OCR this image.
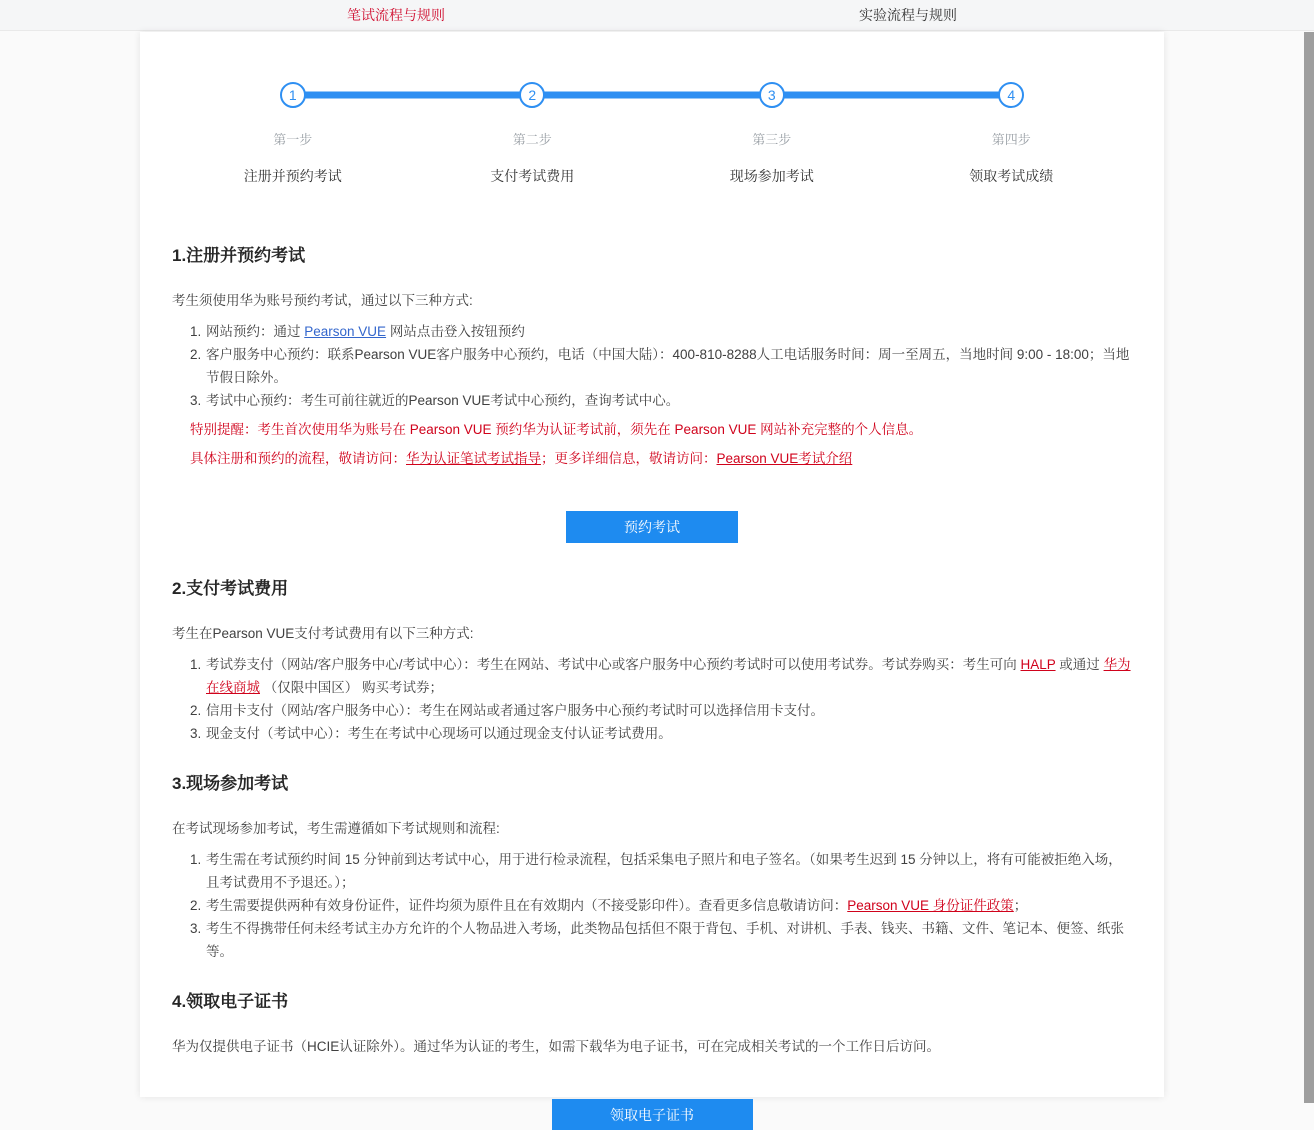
笔试流程与规则	实验流程与规则
1	2	3	4
第一步	第二步	第三步	第四步
注册并预约考试	支付考试费用	现场参加考试	领取考试成绩
1.注册并预约考试

考生须使用华为账号预约考试，通过以下三种方式:

1. 网站预约：通过 Pearson VUE 网站点击登入按钮预约
2. 客户服务中心预约：联系Pearson VUE客户服务中心预约，电话（中国大陆）：400-810-8288人工电话服务时间：周一至周五，当地时间 9:00 - 18:00；当地节假日除外。
3. 考试中心预约：考生可前往就近的Pearson VUE考试中心预约，查询考试中心。
特别提醒：考生首次使用华为账号在 Pearson VUE 预约华为认证考试前，须先在 Pearson VUE 网站补充完整的个人信息。
具体注册和预约的流程，敬请访问：华为认证笔试考试指导；更多详细信息，敬请访问：Pearson VUE考试介绍
预约考试
2.支付考试费用

考生在Pearson VUE支付考试费用有以下三种方式:

1. 考试券支付（网站/客户服务中心/考试中心）：考生在网站、考试中心或客户服务中心预约考试时可以使用考试券。考试券购买：考生可向 HALP 或通过 华为在线商城 （仅限中国区） 购买考试券；
2. 信用卡支付（网站/客户服务中心）：考生在网站或者通过客户服务中心预约考试时可以选择信用卡支付。
3. 现金支付（考试中心）：考生在考试中心现场可以通过现金支付认证考试费用。
3.现场参加考试

在考试现场参加考试，考生需遵循如下考试规则和流程:

1. 考生需在考试预约时间 15 分钟前到达考试中心，用于进行检录流程，包括采集电子照片和电子签名。（如果考生迟到 15 分钟以上，将有可能被拒绝入场，且考试费用不予退还。）；
2. 考生需要提供两种有效身份证件，证件均须为原件且在有效期内（不接受影印件）。查看更多信息敬请访问：Pearson VUE 身份证件政策；
3. 考生不得携带任何未经考试主办方允许的个人物品进入考场，此类物品包括但不限于背包、手机、对讲机、手表、钱夹、书籍、文件、笔记本、便签、纸张等。
4.领取电子证书

华为仅提供电子证书（HCIE认证除外）。通过华为认证的考生，如需下载华为电子证书，可在完成相关考试的一个工作日后访问。

领取电子证书
